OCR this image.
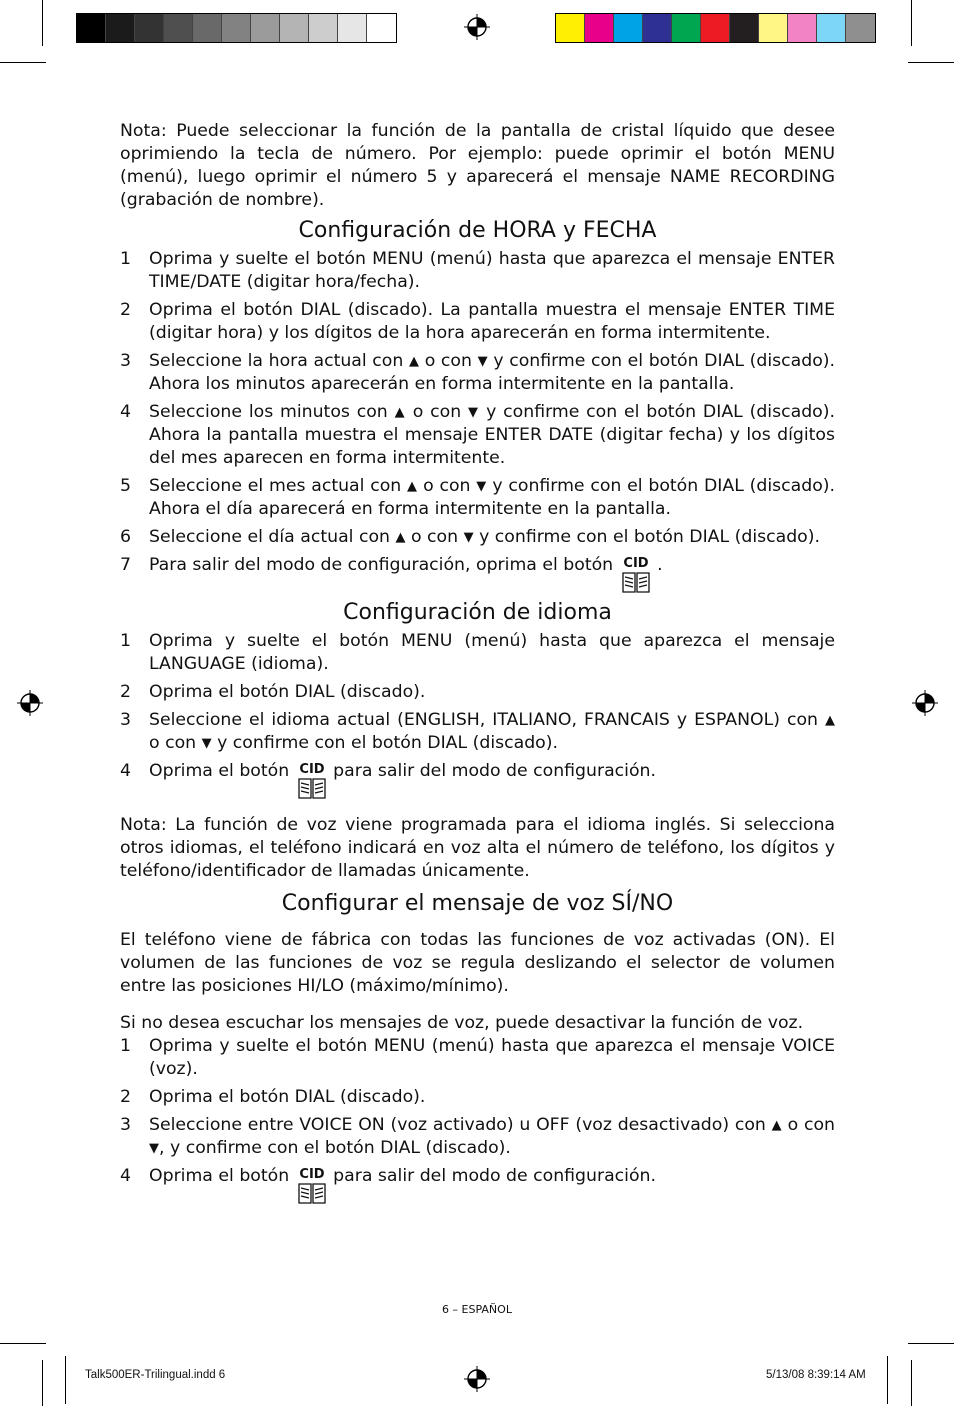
Nota: Puede seleccionar la función de la pantalla de cristal líquido que desee oprimiendo la tecla de número. Por ejemplo: puede oprimir el botón MENU (menú), luego oprimir el número 5 y aparecerá el mensaje NAME RECORDING (grabación de nombre).

Configuración de HORA y FECHA
1 Oprima y suelte el botón MENU (menú) hasta que aparezca el mensaje ENTER TIME/DATE (digitar hora/fecha).
2 Oprima el botón DIAL (discado). La pantalla muestra el mensaje ENTER TIME (digitar hora) y los dígitos de la hora aparecerán en forma intermitente.
3 Seleccione la hora actual con ▲ o con ▼ y confirme con el botón DIAL (discado). Ahora los minutos aparecerán en forma intermitente en la pantalla.
4 Seleccione los minutos con ▲ o con ▼ y confirme con el botón DIAL (discado). Ahora la pantalla muestra el mensaje ENTER DATE (digitar fecha) y los dígitos del mes aparecen en forma intermitente.
5 Seleccione el mes actual con ▲ o con ▼ y confirme con el botón DIAL (discado). Ahora el día aparecerá en forma intermitente en la pantalla.
6 Seleccione el día actual con ▲ o con ▼ y confirme con el botón DIAL (discado).
7 Para salir del modo de configuración, oprima el botón CID .
Configuración de idioma
1 Oprima y suelte el botón MENU (menú) hasta que aparezca el mensaje LANGUAGE (idioma).
2 Oprima el botón DIAL (discado).
3 Seleccione el idioma actual (ENGLISH, ITALIANO, FRANCAIS y ESPANOL) con ▲ o con ▼ y confirme con el botón DIAL (discado).
4 Oprima el botón CID para salir del modo de configuración.

Nota: La función de voz viene programada para el idioma inglés. Si selecciona otros idiomas, el teléfono indicará en voz alta el número de teléfono, los dígitos y teléfono/identificador de llamadas únicamente.

Configurar el mensaje de voz SÍ/NO

El teléfono viene de fábrica con todas las funciones de voz activadas (ON). El volumen de las funciones de voz se regula deslizando el selector de volumen entre las posiciones HI/LO (máximo/mínimo).

Si no desea escuchar los mensajes de voz, puede desactivar la función de voz.

1 Oprima y suelte el botón MENU (menú) hasta que aparezca el mensaje VOICE (voz).
2 Oprima el botón DIAL (discado).
3 Seleccione entre VOICE ON (voz activado) u OFF (voz desactivado) con ▲ o con ▼, y confirme con el botón DIAL (discado).
4 Oprima el botón CID para salir del modo de configuración.
6 – ESPAÑOL
Talk500ER-Trilingual.indd 6	5/13/08 8:39:14 AM
